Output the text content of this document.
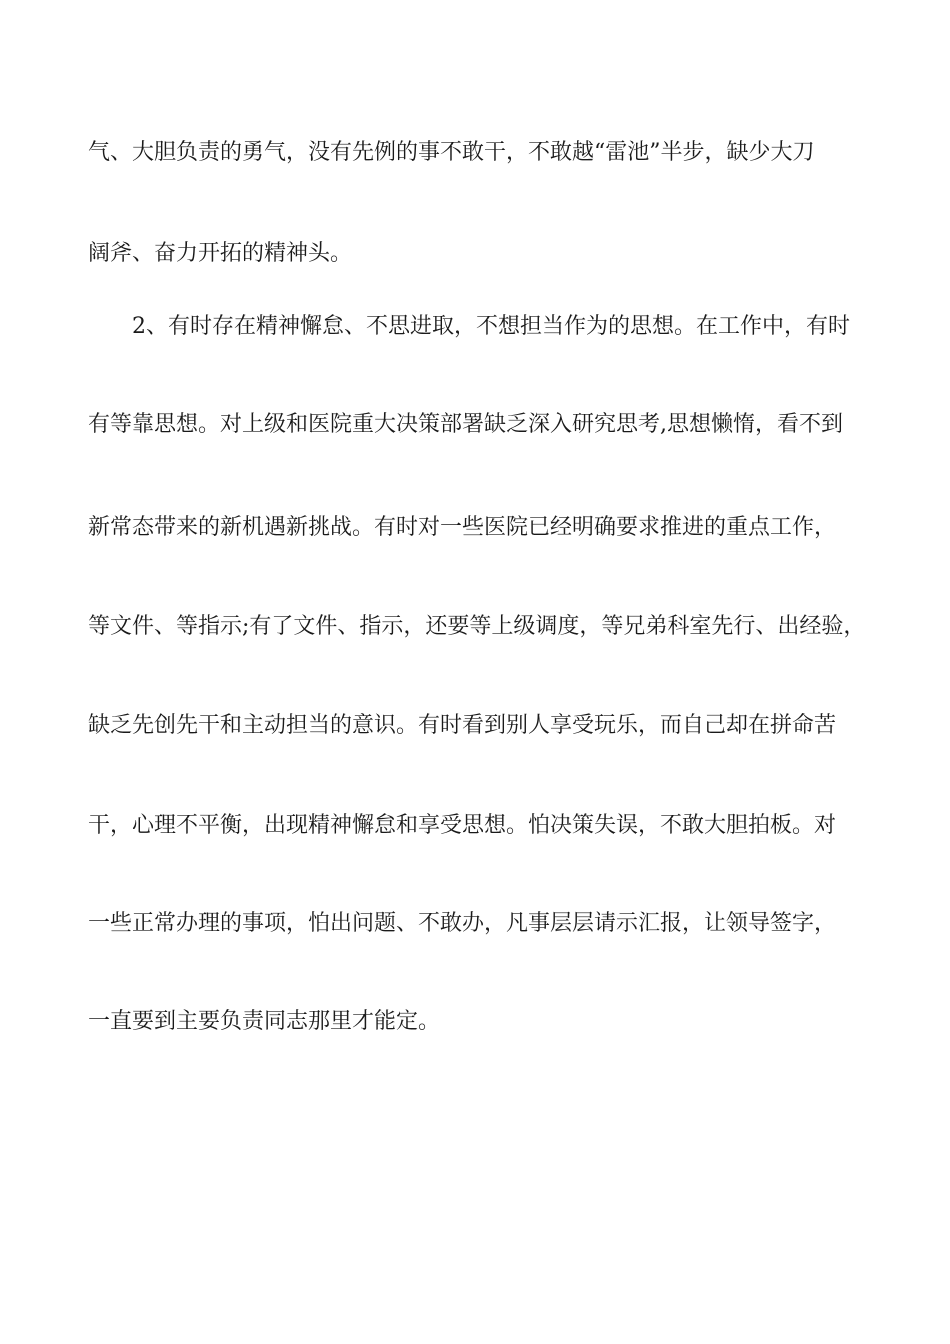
气、大胆负责的勇气，没有先例的事不敢干，不敢越“雷池”半步，缺少大刀
阔斧、奋力开拓的精神头。
2、有时存在精神懈怠、不思进取，不想担当作为的思想。在工作中，有时
有等靠思想。对上级和医院重大决策部署缺乏深入研究思考,思想懒惰，看不到
新常态带来的新机遇新挑战。有时对一些医院已经明确要求推进的重点工作，
等文件、等指示;有了文件、指示，还要等上级调度，等兄弟科室先行、出经验，
缺乏先创先干和主动担当的意识。有时看到别人享受玩乐，而自己却在拼命苦
干，心理不平衡，出现精神懈怠和享受思想。怕决策失误，不敢大胆拍板。对
一些正常办理的事项，怕出问题、不敢办，凡事层层请示汇报，让领导签字，
一直要到主要负责同志那里才能定。
